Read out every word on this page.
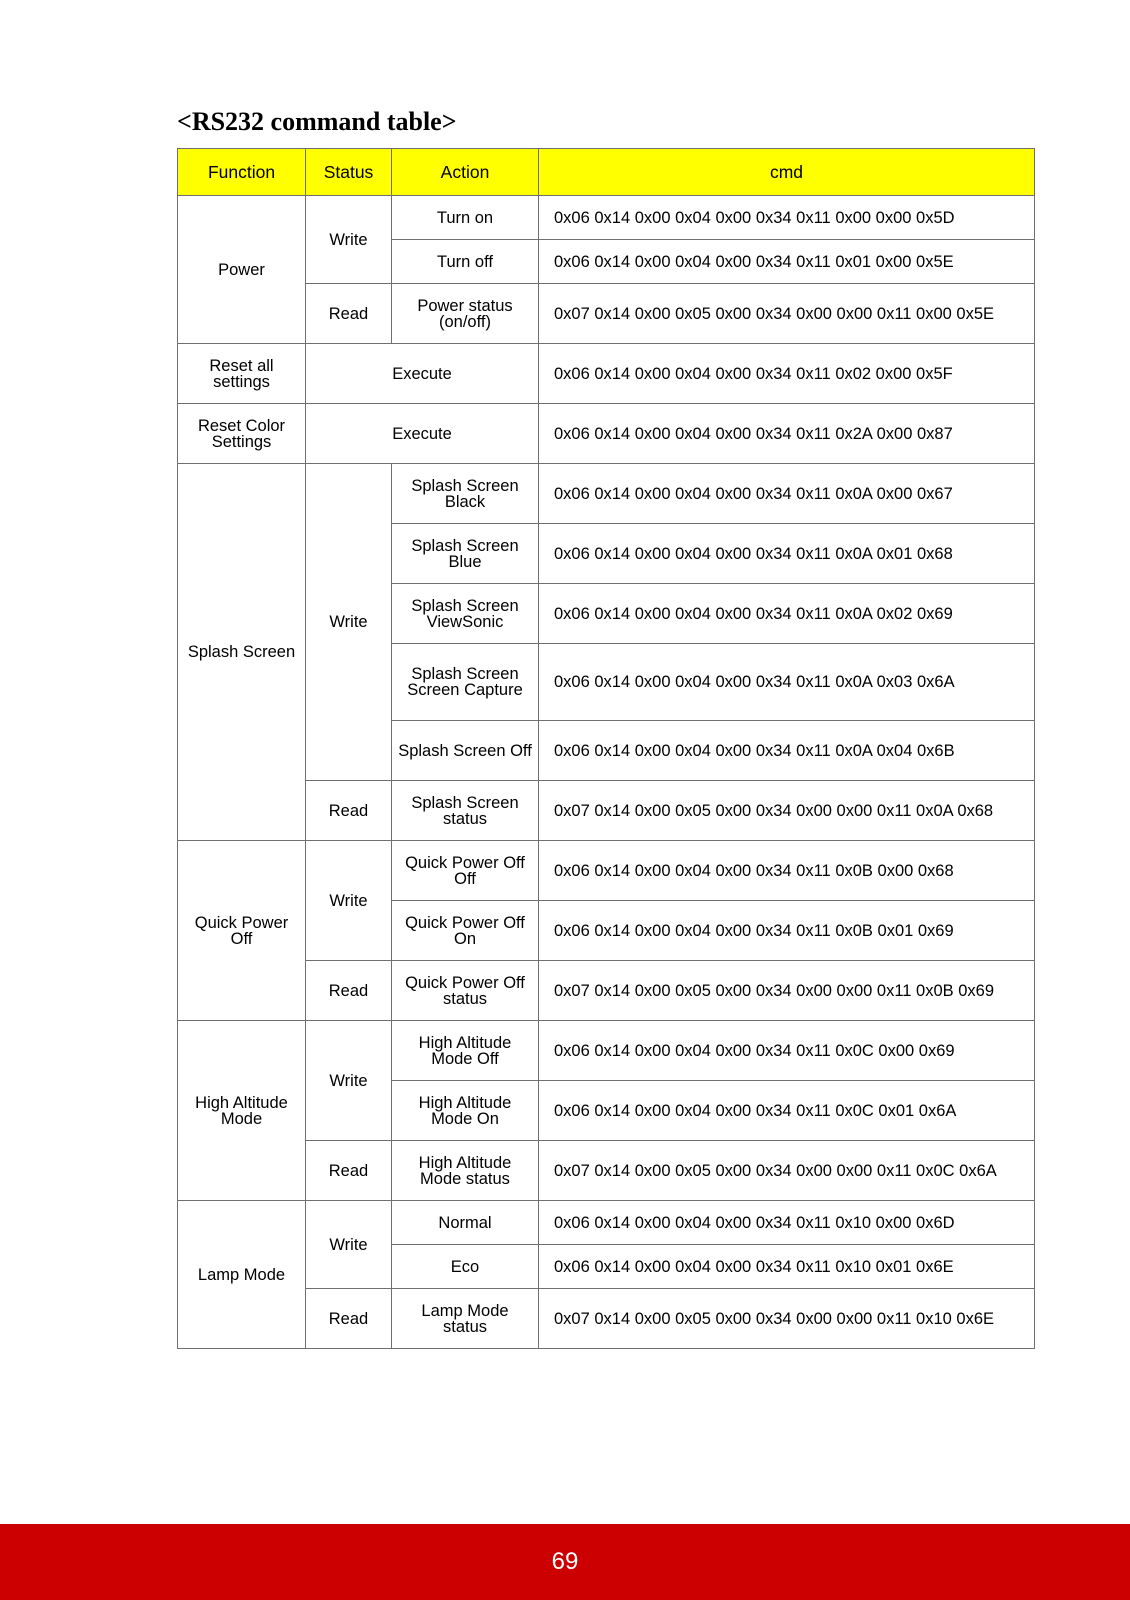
<RS232 command table>
Function	Status	Action	cmd
Power	Write	Turn on	0x06 0x14 0x00 0x04 0x00 0x34 0x11 0x00 0x00 0x5D
		Turn off	0x06 0x14 0x00 0x04 0x00 0x34 0x11 0x01 0x00 0x5E
	Read	Power status (on/off)	0x07 0x14 0x00 0x05 0x00 0x34 0x00 0x00 0x11 0x00 0x5E
Reset all settings	Execute		0x06 0x14 0x00 0x04 0x00 0x34 0x11 0x02 0x00 0x5F
Reset Color Settings	Execute		0x06 0x14 0x00 0x04 0x00 0x34 0x11 0x2A 0x00 0x87
Splash Screen	Write	Splash Screen Black	0x06 0x14 0x00 0x04 0x00 0x34 0x11 0x0A 0x00 0x67
		Splash Screen Blue	0x06 0x14 0x00 0x04 0x00 0x34 0x11 0x0A 0x01 0x68
		Splash Screen ViewSonic	0x06 0x14 0x00 0x04 0x00 0x34 0x11 0x0A 0x02 0x69
		Splash Screen Screen Capture	0x06 0x14 0x00 0x04 0x00 0x34 0x11 0x0A 0x03 0x6A
		Splash Screen Off	0x06 0x14 0x00 0x04 0x00 0x34 0x11 0x0A 0x04 0x6B
	Read	Splash Screen status	0x07 0x14 0x00 0x05 0x00 0x34 0x00 0x00 0x11 0x0A 0x68
Quick Power Off	Write	Quick Power Off Off	0x06 0x14 0x00 0x04 0x00 0x34 0x11 0x0B 0x00 0x68
		Quick Power Off On	0x06 0x14 0x00 0x04 0x00 0x34 0x11 0x0B 0x01 0x69
	Read	Quick Power Off status	0x07 0x14 0x00 0x05 0x00 0x34 0x00 0x00 0x11 0x0B 0x69
High Altitude Mode	Write	High Altitude Mode Off	0x06 0x14 0x00 0x04 0x00 0x34 0x11 0x0C 0x00 0x69
		High Altitude Mode On	0x06 0x14 0x00 0x04 0x00 0x34 0x11 0x0C 0x01 0x6A
	Read	High Altitude Mode status	0x07 0x14 0x00 0x05 0x00 0x34 0x00 0x00 0x11 0x0C 0x6A
Lamp Mode	Write	Normal	0x06 0x14 0x00 0x04 0x00 0x34 0x11 0x10 0x00 0x6D
		Eco	0x06 0x14 0x00 0x04 0x00 0x34 0x11 0x10 0x01 0x6E
	Read	Lamp Mode status	0x07 0x14 0x00 0x05 0x00 0x34 0x00 0x00 0x11 0x10 0x6E
69
